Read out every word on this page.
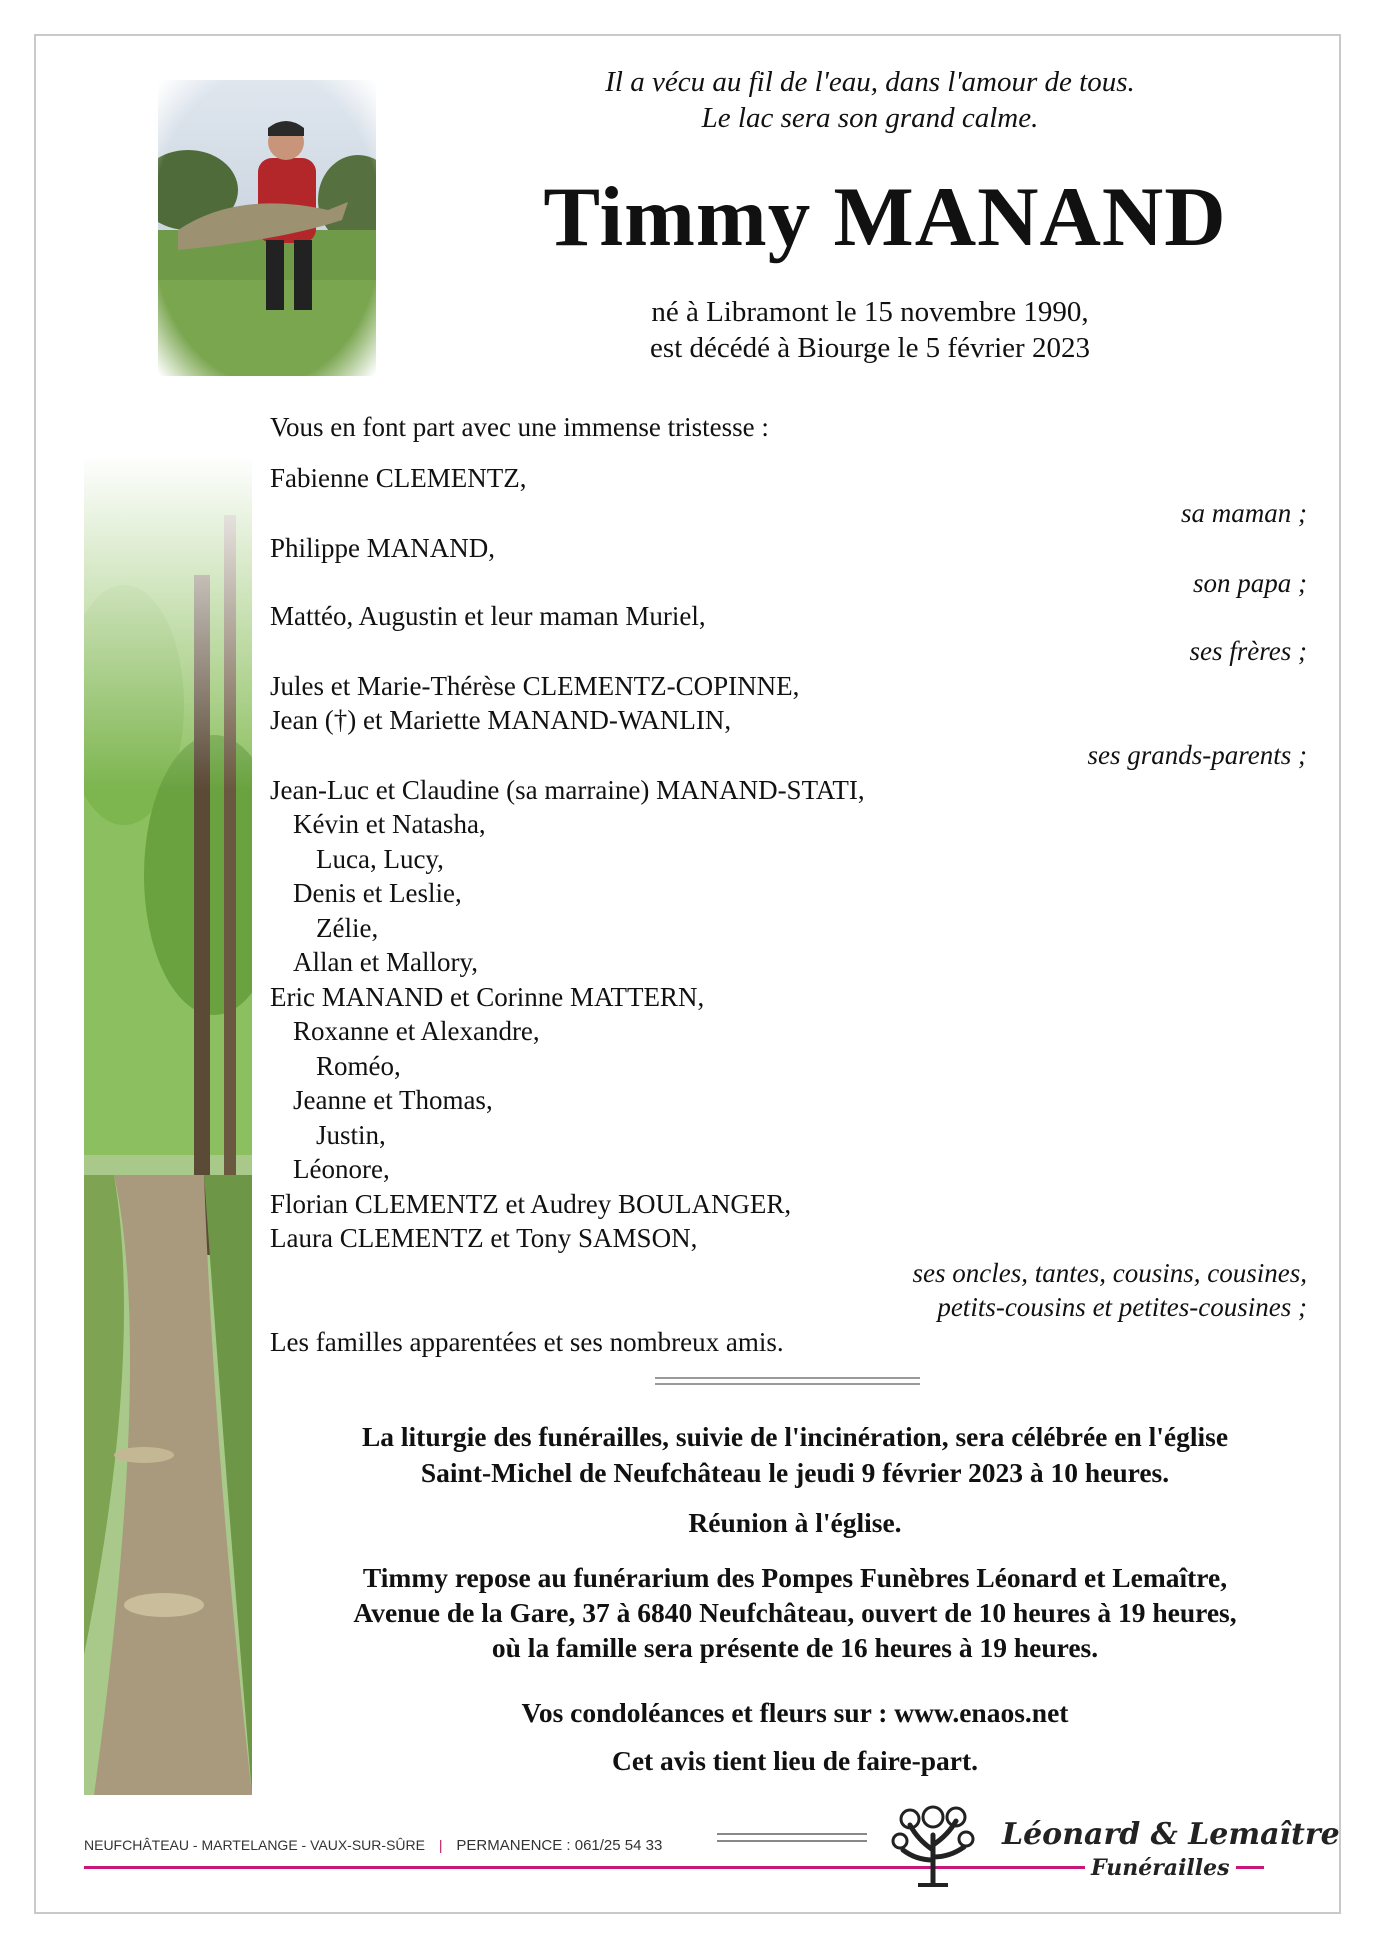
Il a vécu au fil de l'eau, dans l'amour de tous.
Le lac sera son grand calme.
Timmy MANAND
né à Libramont le 15 novembre 1990,
est décédé à Biourge le 5 février 2023
Vous en font part avec une immense tristesse :
Fabienne CLEMENTZ,
sa maman ;
Philippe MANAND,
son papa ;
Mattéo, Augustin et leur maman Muriel,
ses frères ;
Jules et Marie-Thérèse CLEMENTZ-COPINNE,
Jean (†) et Mariette MANAND-WANLIN,
ses grands-parents ;
Jean-Luc et Claudine (sa marraine) MANAND-STATI,
Kévin et Natasha,
Luca, Lucy,
Denis et Leslie,
Zélie,
Allan et Mallory,
Eric MANAND et Corinne MATTERN,
Roxanne et Alexandre,
Roméo,
Jeanne et Thomas,
Justin,
Léonore,
Florian CLEMENTZ et Audrey BOULANGER,
Laura CLEMENTZ et Tony SAMSON,
ses oncles, tantes, cousins, cousines,
petits-cousins et petites-cousines ;
Les familles apparentées et ses nombreux amis.
La liturgie des funérailles, suivie de l'incinération, sera célébrée en l'église
Saint-Michel de Neufchâteau le jeudi 9 février 2023 à 10 heures.
Réunion à l'église.
Timmy repose au funérarium des Pompes Funèbres Léonard et Lemaître,
Avenue de la Gare, 37 à 6840 Neufchâteau, ouvert de 10 heures à 19 heures,
où la famille sera présente de 16 heures à 19 heures.
Vos condoléances et fleurs sur : www.enaos.net
Cet avis tient lieu de faire-part.
NEUFCHÂTEAU - MARTELANGE - VAUX-SUR-SÛRE | PERMANENCE : 061/25 54 33	Léonard & Lemaître
Funérailles
